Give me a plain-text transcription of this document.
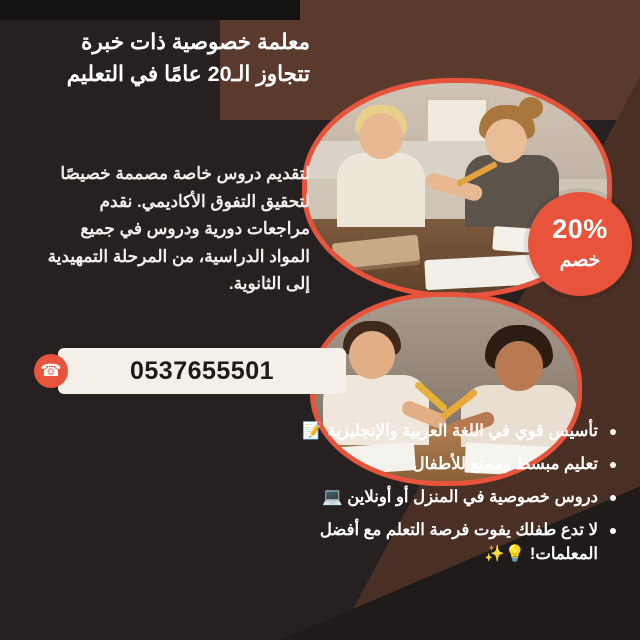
20%
خصم
معلمة خصوصية ذات خبرة تتجاوز الـ20 عامًا في التعليم
لتقديم دروس خاصة مصممة خصيصًا لتحقيق التفوق الأكاديمي. نقدم مراجعات دورية ودروس في جميع المواد الدراسية، من المرحلة التمهيدية إلى الثانوية.
0537655501
☎
تأسيس قوي في اللغة العربية والإنجليزية 📝
تعليم مبسط وممتع للأطفال
دروس خصوصية في المنزل أو أونلاين 💻
لا تدع طفلك يفوت فرصة التعلم مع أفضل المعلمات! 💡✨
